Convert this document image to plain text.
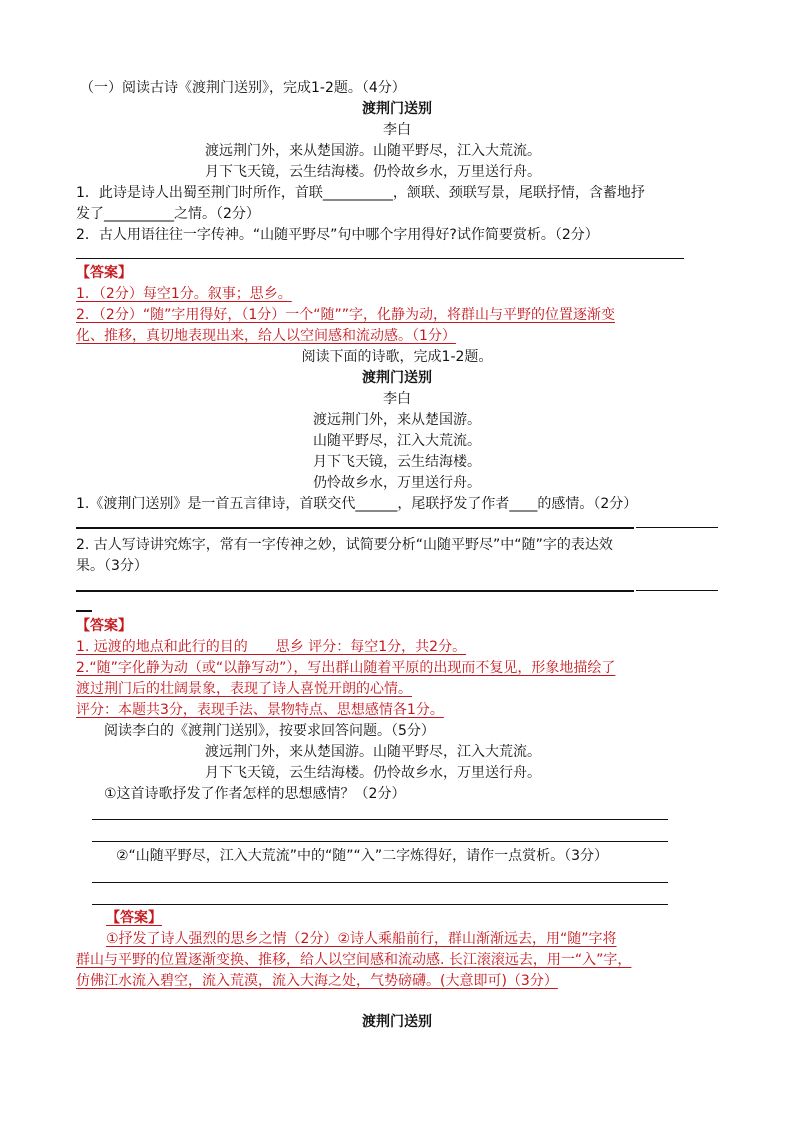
（一）阅读古诗《渡荆门送别》，完成1-2题。（4分）
渡荆门送别
李白
渡远荆门外，来从楚国游。山随平野尽，江入大荒流。
月下飞天镜，云生结海楼。仍怜故乡水，万里送行舟。
1．此诗是诗人出蜀至荆门时所作，首联__________，颔联、颈联写景，尾联抒情，含蓄地抒
发了__________之情。（2分）
2．古人用语往往一字传神。“山随平野尽”句中哪个字用得好?试作简要赏析。（2分）
【答案】
1．（2分）每空1分。叙事；思乡。
2．（2分）“随”字用得好，（1分）一个“随””字，化静为动，将群山与平野的位置逐渐变
化、推移，真切地表现出来，给人以空间感和流动感。（1分）
阅读下面的诗歌，完成1-2题。
渡荆门送别
李白
渡远荆门外，来从楚国游。
山随平野尽，江入大荒流。
月下飞天镜，云生结海楼。
仍怜故乡水，万里送行舟。
1.《渡荆门送别》是一首五言律诗，首联交代______，尾联抒发了作者____的感情。（2分）
2. 古人写诗讲究炼字，常有一字传神之妙，试简要分析“山随平野尽”中“随”字的表达效
果。（3分）
【答案】
1. 远渡的地点和此行的目的　　思乡 评分：每空1分，共2分。
2.“随”字化静为动（或“以静写动”），写出群山随着平原的出现而不复见，形象地描绘了
渡过荆门后的壮阔景象，表现了诗人喜悦开朗的心情。
评分：本题共3分，表现手法、景物特点、思想感情各1分。
阅读李白的《渡荆门送别》，按要求回答问题。（5分）
渡远荆门外，来从楚国游。山随平野尽，江入大荒流。
月下飞天镜，云生结海楼。仍怜故乡水，万里送行舟。
①这首诗歌抒发了作者怎样的思想感情？（2分）
②“山随平野尽，江入大荒流”中的“随”“入”二字炼得好，请作一点赏析。（3分）
【答案】
①抒发了诗人强烈的思乡之情（2分）②诗人乘船前行，群山渐渐远去，用“随”字将
群山与平野的位置逐渐变换、推移，给人以空间感和流动感. 长江滚滚远去，用一“入”字，
仿佛江水流入碧空，流入荒漠，流入大海之处，气势磅礴。(大意即可)（3分）
渡荆门送别
